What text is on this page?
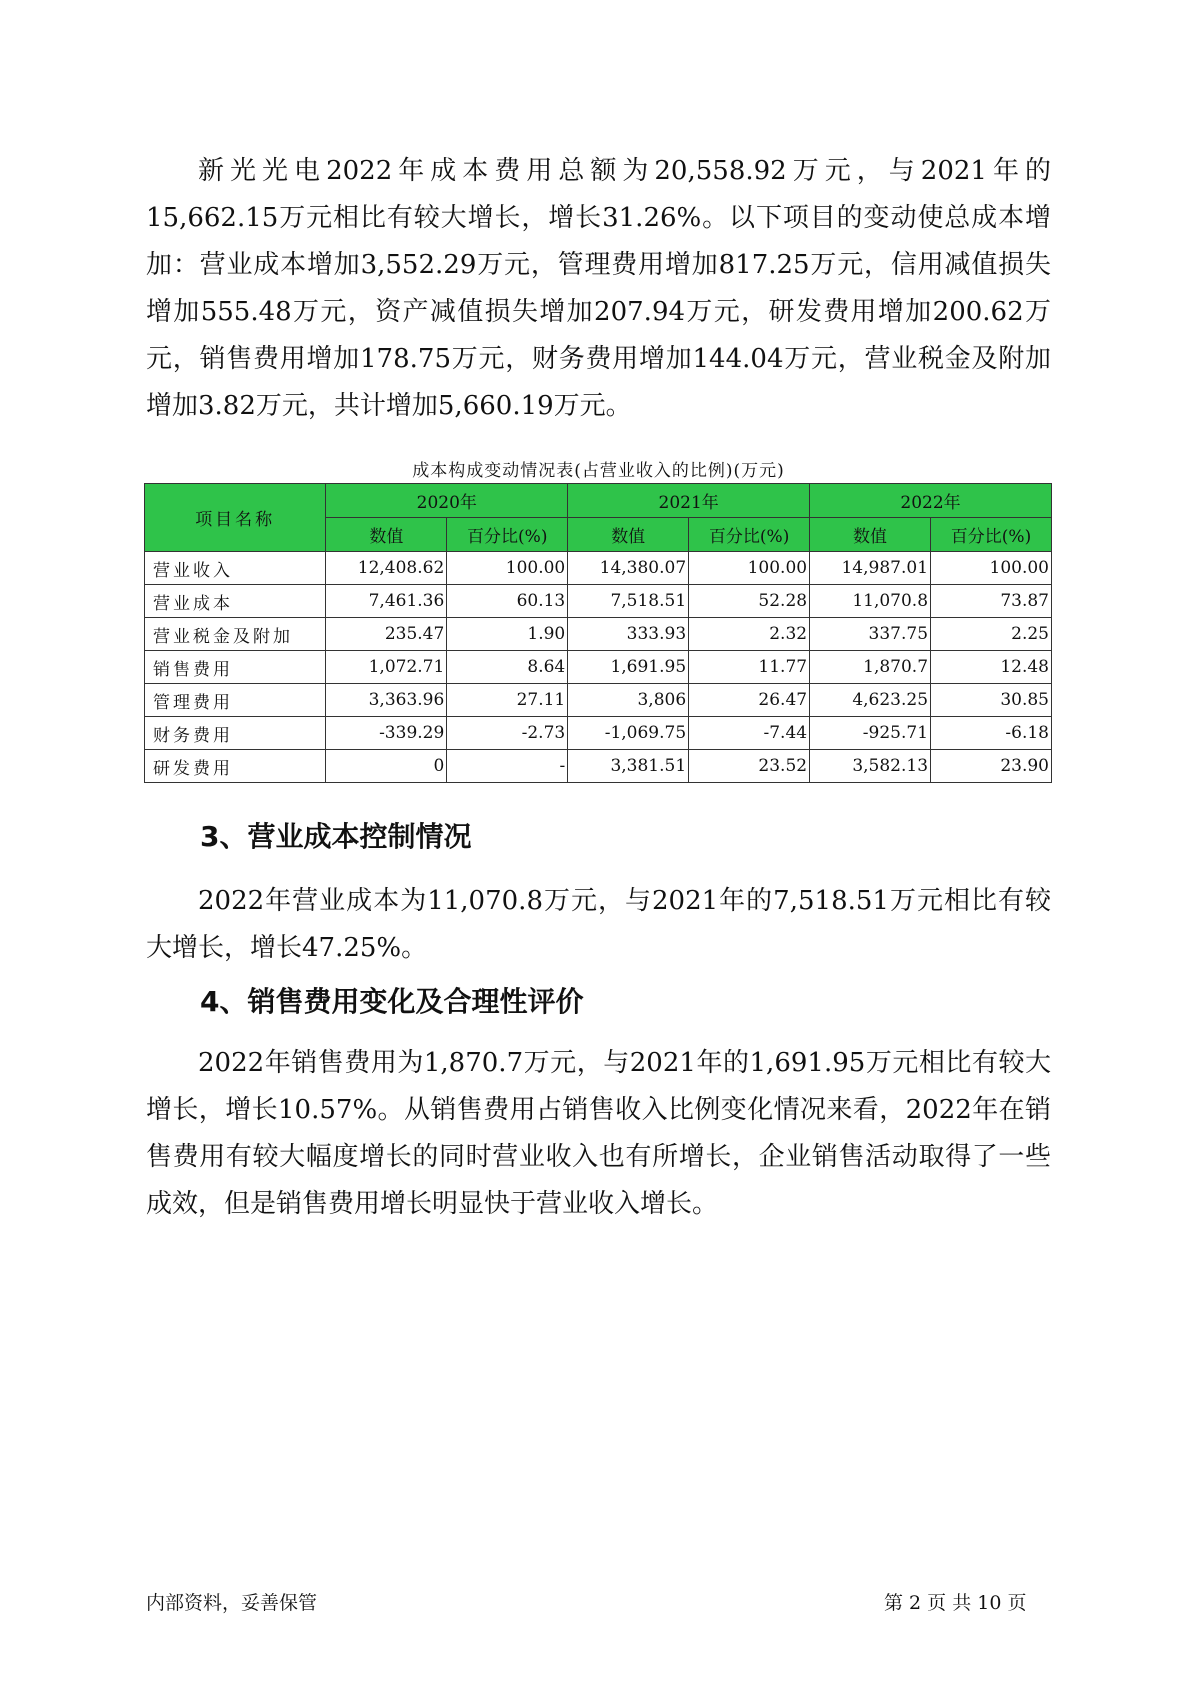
新光光电2022年成本费用总额为20,558.92万元，与2021年的15,662.15万元相比有较大增长，增长31.26%。以下项目的变动使总成本增加：营业成本增加3,552.29万元，管理费用增加817.25万元，信用减值损失增加555.48万元，资产减值损失增加207.94万元，研发费用增加200.62万元，销售费用增加178.75万元，财务费用增加144.04万元，营业税金及附加增加3.82万元，共计增加5,660.19万元。

成本构成变动情况表(占营业收入的比例)(万元)
项目名称	2020年		2021年		2022年	
	数值	百分比(%)	数值	百分比(%)	数值	百分比(%)
营业收入	12,408.62	100.00	14,380.07	100.00	14,987.01	100.00
营业成本	7,461.36	60.13	7,518.51	52.28	11,070.8	73.87
营业税金及附加	235.47	1.90	333.93	2.32	337.75	2.25
销售费用	1,072.71	8.64	1,691.95	11.77	1,870.7	12.48
管理费用	3,363.96	27.11	3,806	26.47	4,623.25	30.85
财务费用	-339.29	-2.73	-1,069.75	-7.44	-925.71	-6.18
研发费用	0	-	3,381.51	23.52	3,582.13	23.90
3、营业成本控制情况

2022年营业成本为11,070.8万元，与2021年的7,518.51万元相比有较大增长，增长47.25%。

4、销售费用变化及合理性评价

2022年销售费用为1,870.7万元，与2021年的1,691.95万元相比有较大增长，增长10.57%。从销售费用占销售收入比例变化情况来看，2022年在销售费用有较大幅度增长的同时营业收入也有所增长，企业销售活动取得了一些成效，但是销售费用增长明显快于营业收入增长。

内部资料，妥善保管	第 2 页 共 10 页
